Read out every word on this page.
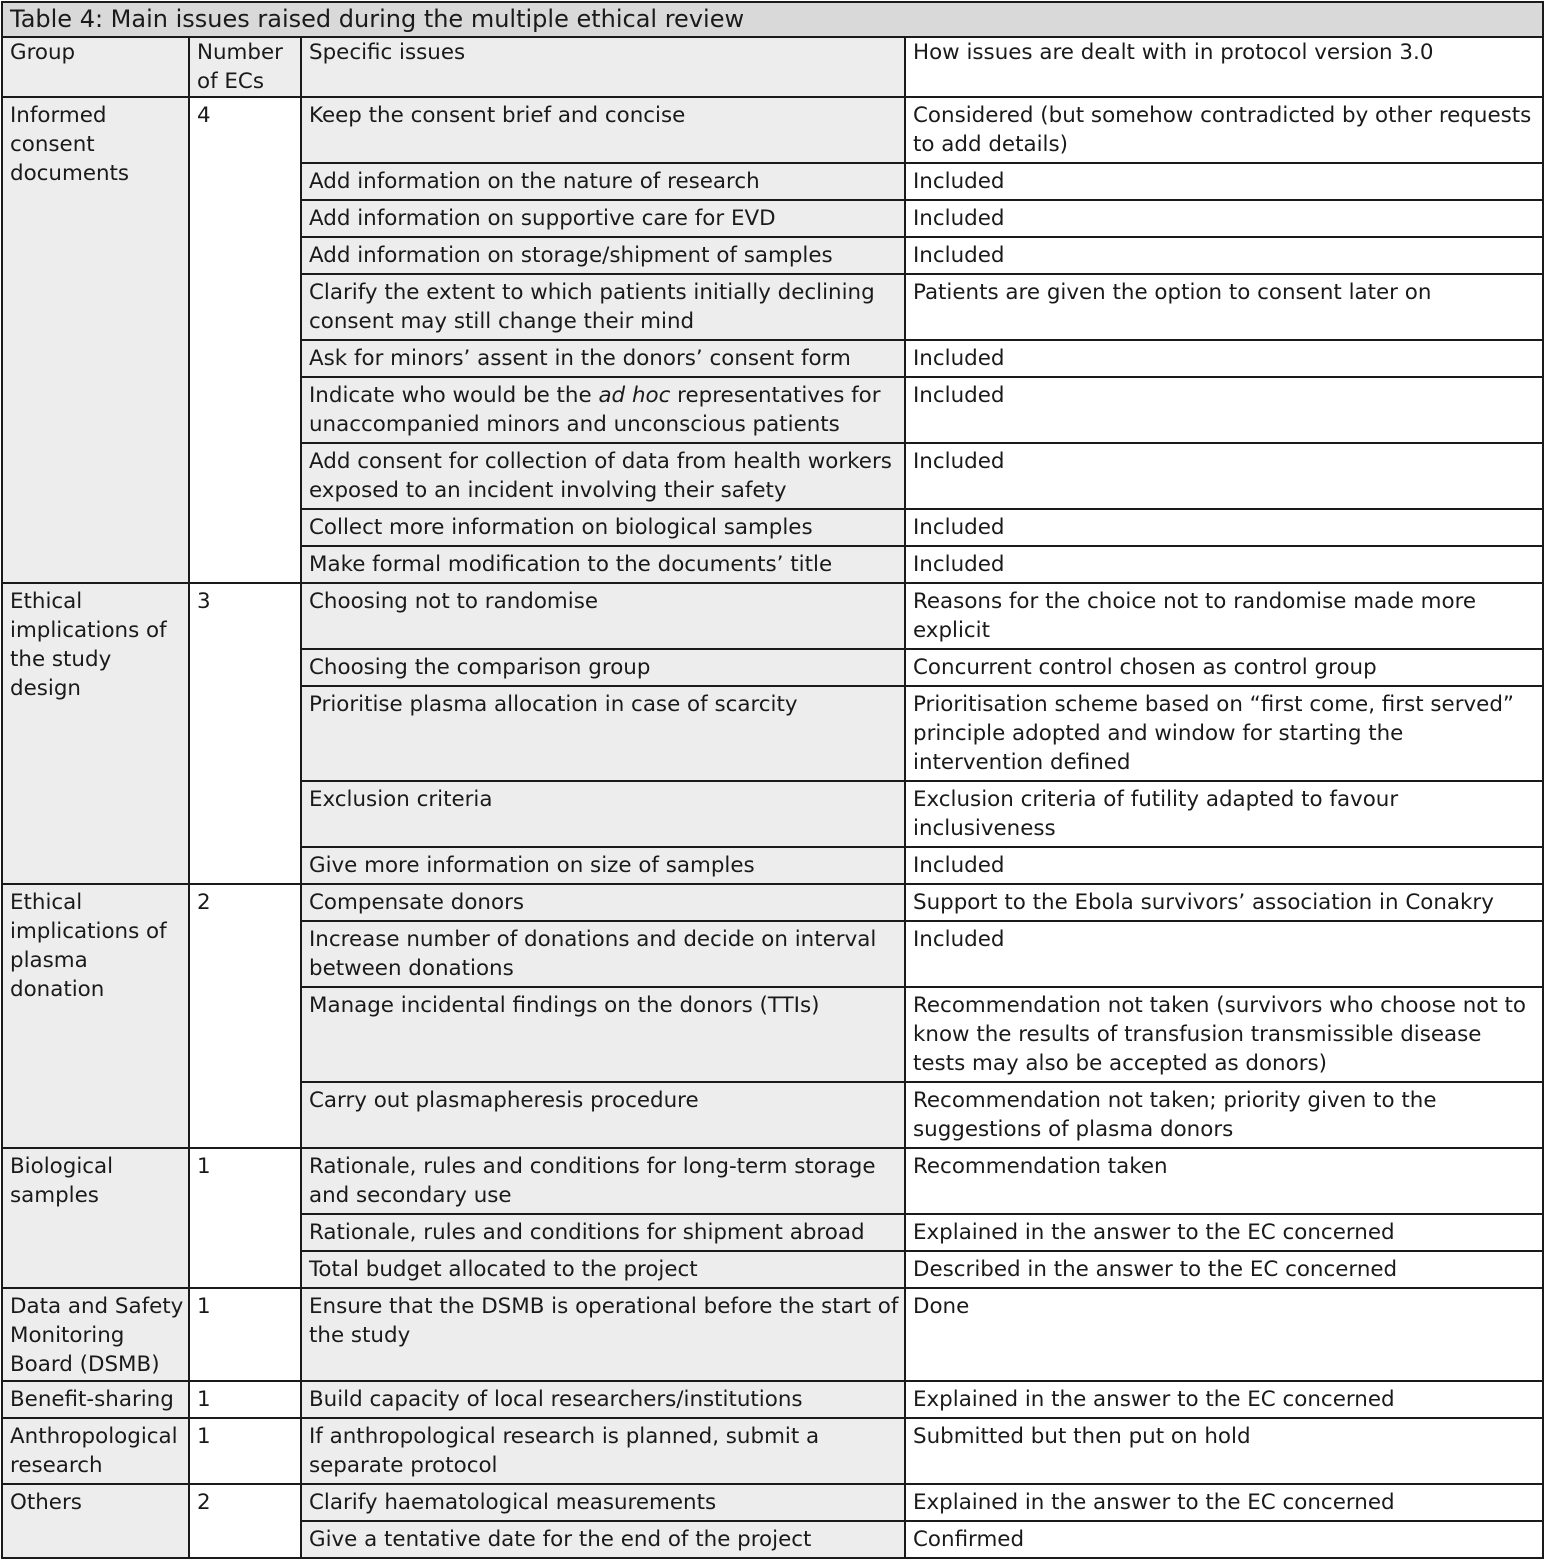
Table 4: Main issues raised during the multiple ethical review			
Group	Number of ECs	Specific issues	How issues are dealt with in protocol version 3.0
Informed consent documents	4	Keep the consent brief and concise	Considered (but somehow contradicted by other requests to add details)
		Add information on the nature of research	Included
		Add information on supportive care for EVD	Included
		Add information on storage/shipment of samples	Included
		Clarify the extent to which patients initially declining consent may still change their mind	Patients are given the option to consent later on
		Ask for minors’ assent in the donors’ consent form	Included
		Indicate who would be the ad hoc representatives for unaccompanied minors and unconscious patients	Included
		Add consent for collection of data from health workers exposed to an incident involving their safety	Included
		Collect more information on biological samples	Included
		Make formal modification to the documents’ title	Included
Ethical implications of the study design	3	Choosing not to randomise	Reasons for the choice not to randomise made more explicit
		Choosing the comparison group	Concurrent control chosen as control group
		Prioritise plasma allocation in case of scarcity	Prioritisation scheme based on “first come, first served” principle adopted and window for starting the intervention defined
		Exclusion criteria	Exclusion criteria of futility adapted to favour inclusiveness
		Give more information on size of samples	Included
Ethical implications of plasma donation	2	Compensate donors	Support to the Ebola survivors’ association in Conakry
		Increase number of donations and decide on interval between donations	Included
		Manage incidental findings on the donors (TTIs)	Recommendation not taken (survivors who choose not to know the results of transfusion transmissible disease tests may also be accepted as donors)
		Carry out plasmapheresis procedure	Recommendation not taken; priority given to the suggestions of plasma donors
Biological samples	1	Rationale, rules and conditions for long-term storage and secondary use	Recommendation taken
		Rationale, rules and conditions for shipment abroad	Explained in the answer to the EC concerned
		Total budget allocated to the project	Described in the answer to the EC concerned
Data and Safety Monitoring Board (DSMB)	1	Ensure that the DSMB is operational before the start of the study	Done
Benefit-sharing	1	Build capacity of local researchers/institutions	Explained in the answer to the EC concerned
Anthropological research	1	If anthropological research is planned, submit a separate protocol	Submitted but then put on hold
Others	2	Clarify haematological measurements	Explained in the answer to the EC concerned
		Give a tentative date for the end of the project	Confirmed
